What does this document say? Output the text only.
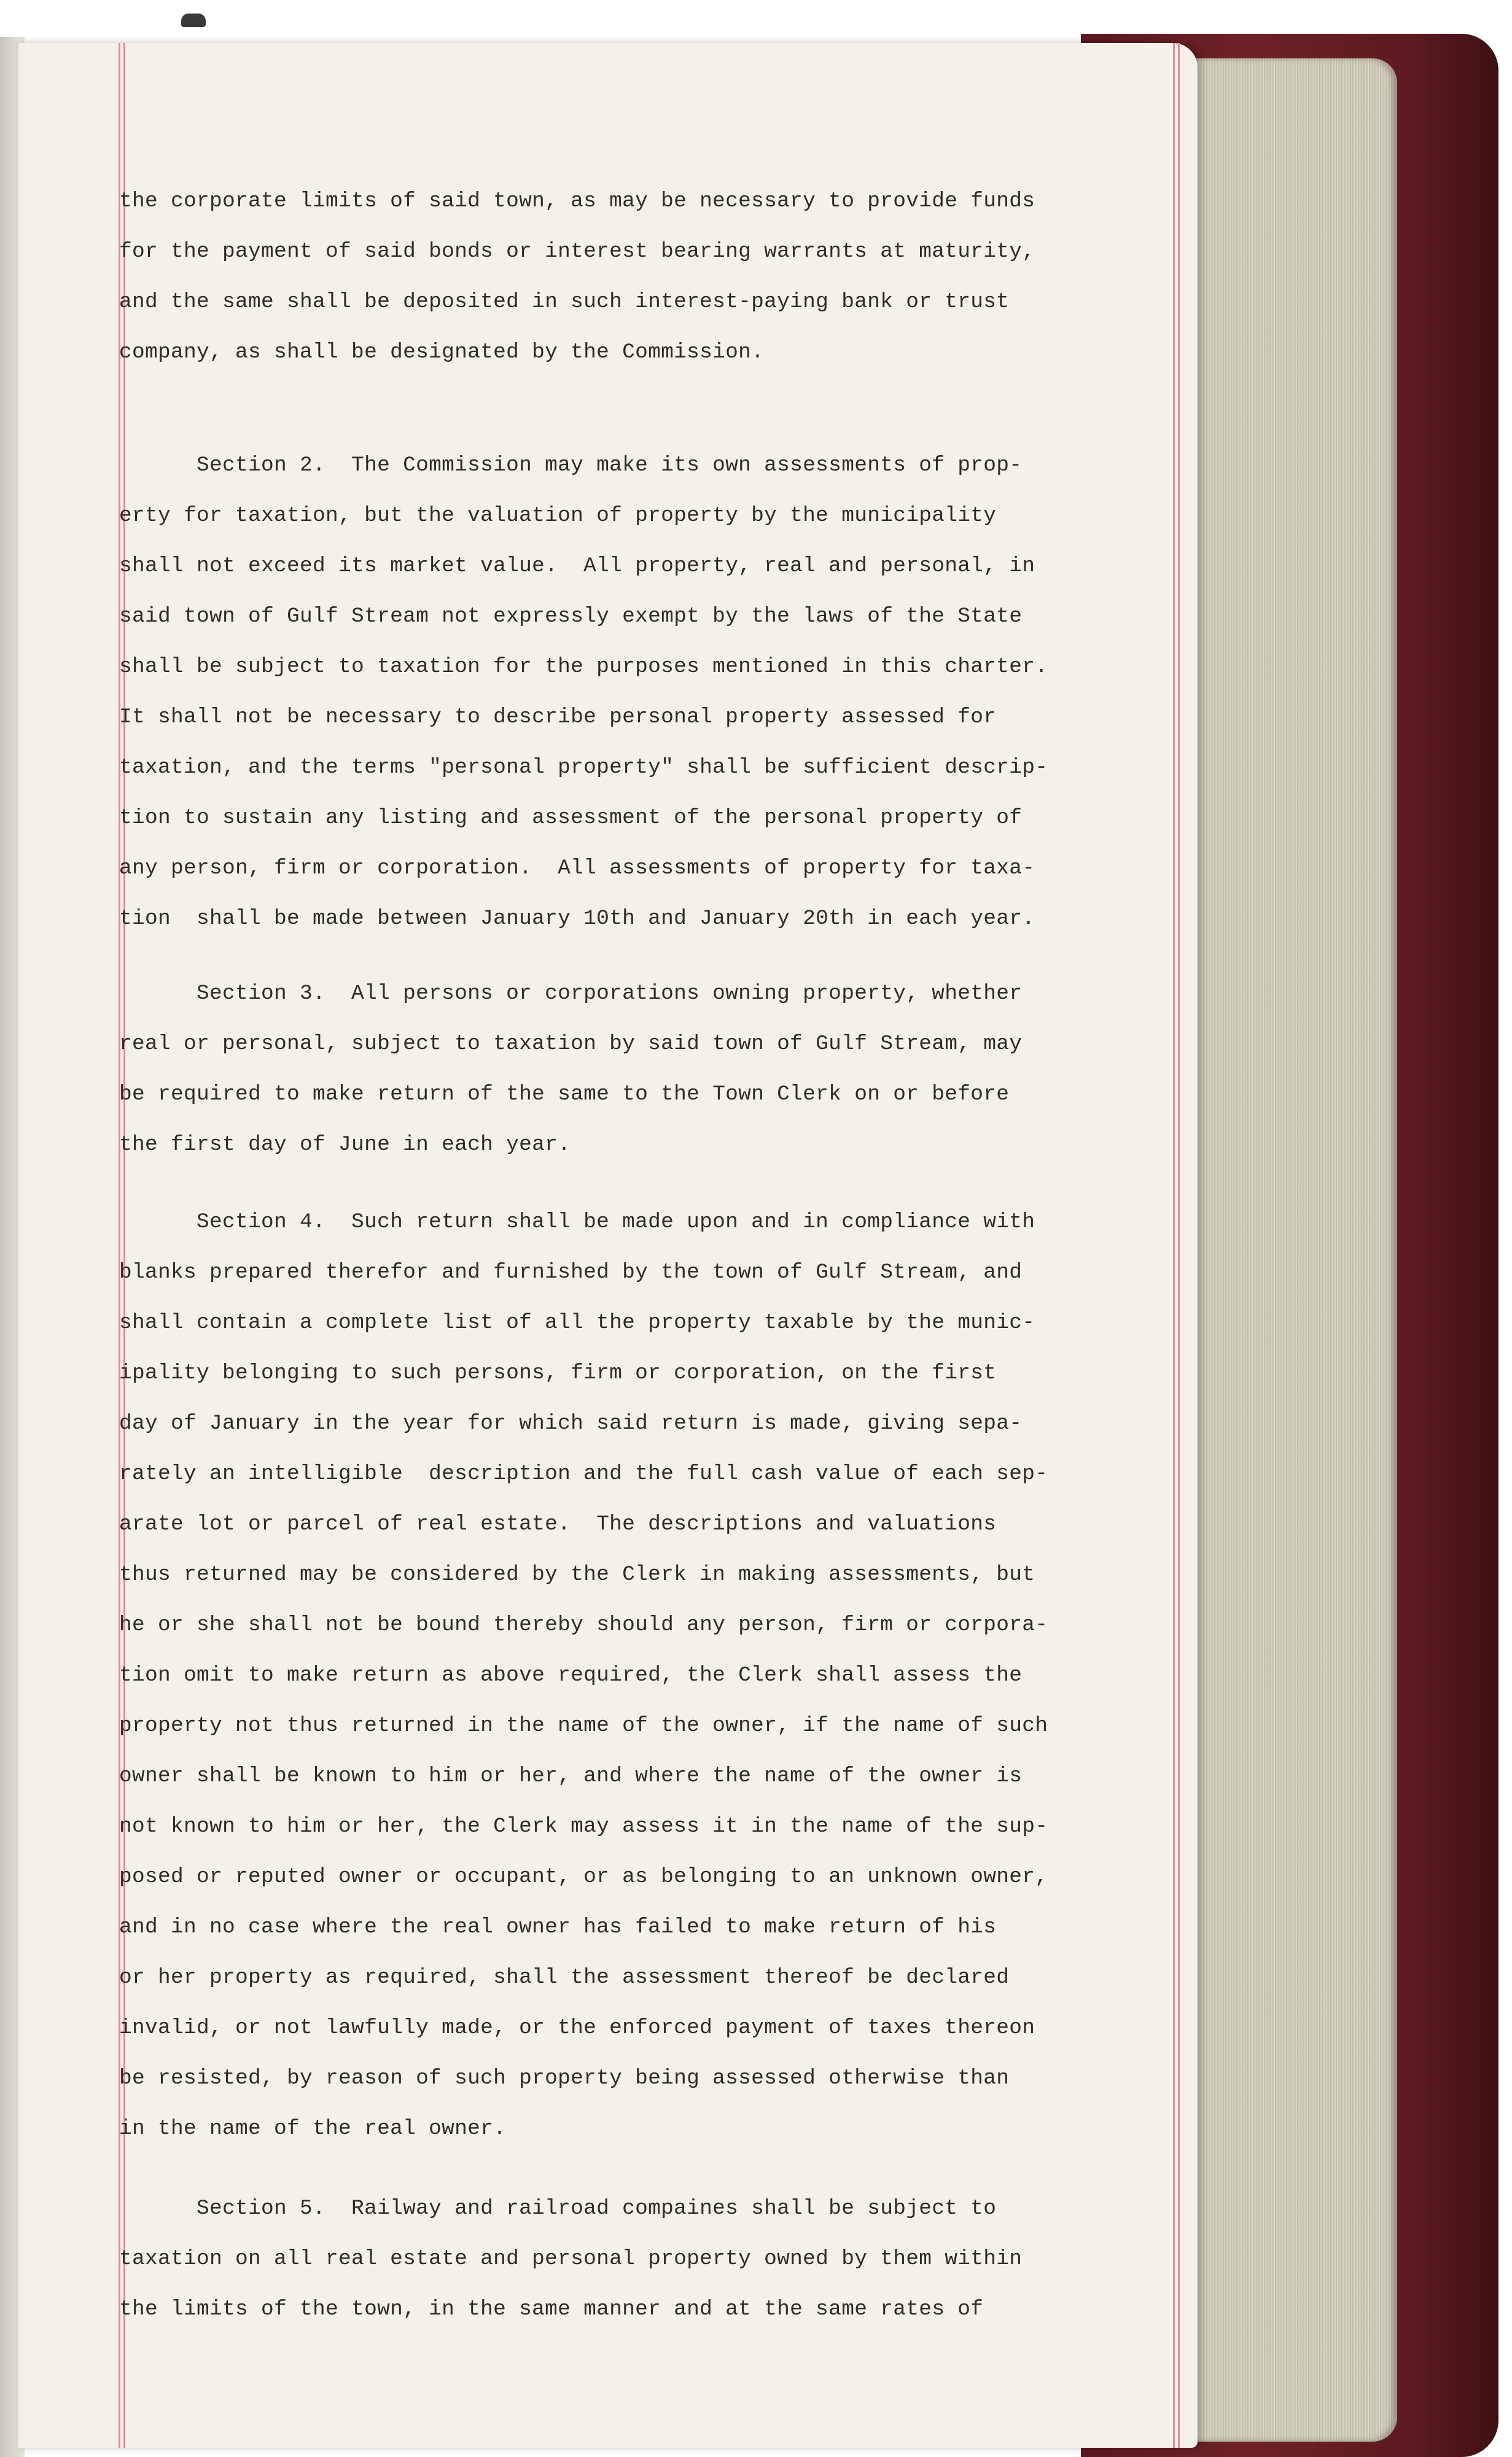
the corporate limits of said town, as may be necessary to provide funds
for the payment of said bonds or interest bearing warrants at maturity,
and the same shall be deposited in such interest-paying bank or trust
company, as shall be designated by the Commission.
Section 2.  The Commission may make its own assessments of prop-
erty for taxation, but the valuation of property by the municipality
shall not exceed its market value.  All property, real and personal, in
said town of Gulf Stream not expressly exempt by the laws of the State
shall be subject to taxation for the purposes mentioned in this charter.
It shall not be necessary to describe personal property assessed for
taxation, and the terms "personal property" shall be sufficient descrip-
tion to sustain any listing and assessment of the personal property of
any person, firm or corporation.  All assessments of property for taxa-
tion  shall be made between January 10th and January 20th in each year.
Section 3.  All persons or corporations owning property, whether
real or personal, subject to taxation by said town of Gulf Stream, may
be required to make return of the same to the Town Clerk on or before
the first day of June in each year.
Section 4.  Such return shall be made upon and in compliance with
blanks prepared therefor and furnished by the town of Gulf Stream, and
shall contain a complete list of all the property taxable by the munic-
ipality belonging to such persons, firm or corporation, on the first
day of January in the year for which said return is made, giving sepa-
rately an intelligible  description and the full cash value of each sep-
arate lot or parcel of real estate.  The descriptions and valuations
thus returned may be considered by the Clerk in making assessments, but
he or she shall not be bound thereby should any person, firm or corpora-
tion omit to make return as above required, the Clerk shall assess the
property not thus returned in the name of the owner, if the name of such
owner shall be known to him or her, and where the name of the owner is
not known to him or her, the Clerk may assess it in the name of the sup-
posed or reputed owner or occupant, or as belonging to an unknown owner,
and in no case where the real owner has failed to make return of his
or her property as required, shall the assessment thereof be declared
invalid, or not lawfully made, or the enforced payment of taxes thereon
be resisted, by reason of such property being assessed otherwise than
in the name of the real owner.
Section 5.  Railway and railroad compaines shall be subject to
taxation on all real estate and personal property owned by them within
the limits of the town, in the same manner and at the same rates of
